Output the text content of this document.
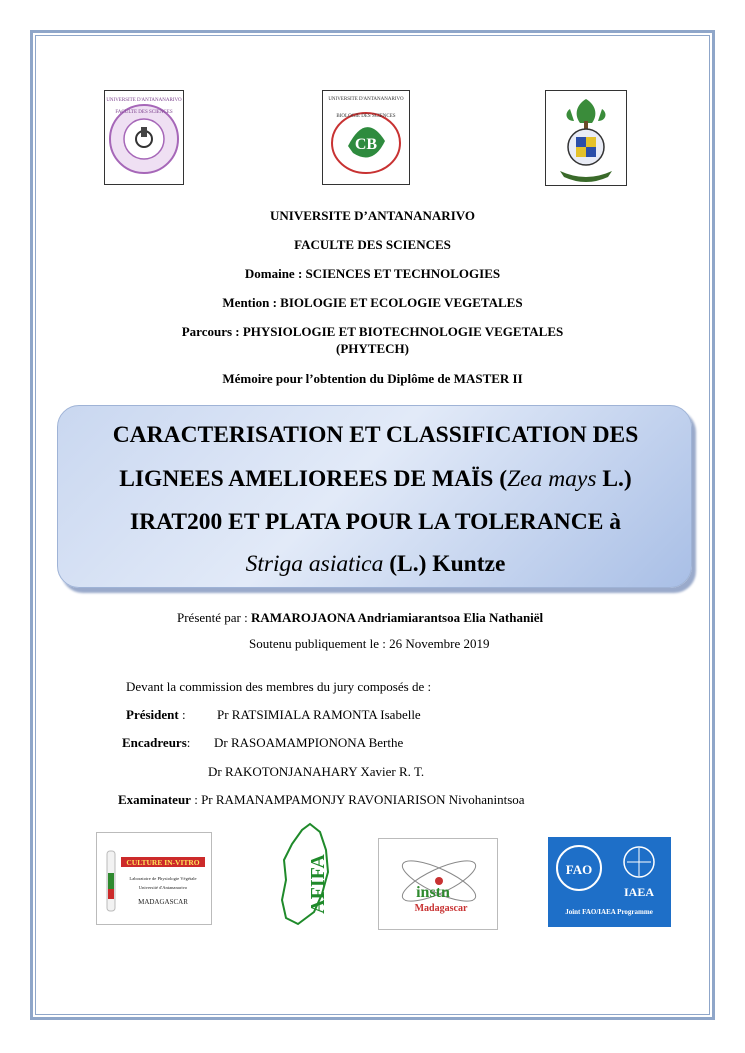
UNIVERSITE D'ANTANANARIVO
FACULTE DES SCIENCES
UNIVERSITE D'ANTANANARIVO
BIOLOGIE DES SCIENCES
CB
UNIVERSITE D’ANTANANARIVO
FACULTE DES SCIENCES
Domaine : SCIENCES ET TECHNOLOGIES
Mention : BIOLOGIE ET ECOLOGIE VEGETALES
Parcours : PHYSIOLOGIE ET BIOTECHNOLOGIE VEGETALES
(PHYTECH)
Mémoire pour l’obtention du Diplôme de MASTER II
CARACTERISATION ET CLASSIFICATION DES
LIGNEES AMELIOREES DE MAÏS (Zea mays L.)
IRAT200 ET PLATA POUR LA TOLERANCE à
Striga asiatica (L.) Kuntze
Présenté par : RAMAROJAONA Andriamiarantsoa Elia Nathaniël
Soutenu publiquement le : 26 Novembre 2019
Devant la commission des membres du jury composés de :
Président : Pr RATSIMIALA RAMONTA Isabelle
Encadreurs: Dr RASOAMAMPIONONA Berthe
Dr RAKOTONJANAHARY Xavier R. T.
Examinateur : Pr RAMANAMPAMONJY RAVONIARISON Nivohanintsoa
CULTURE IN-VITRO
Laboratoire de Physiologie Végétale
Université d'Antananarivo
MADAGASCAR	AFIFA	instn
Madagascar
FAO
IAEA
Joint FAO/IAEA Programme
